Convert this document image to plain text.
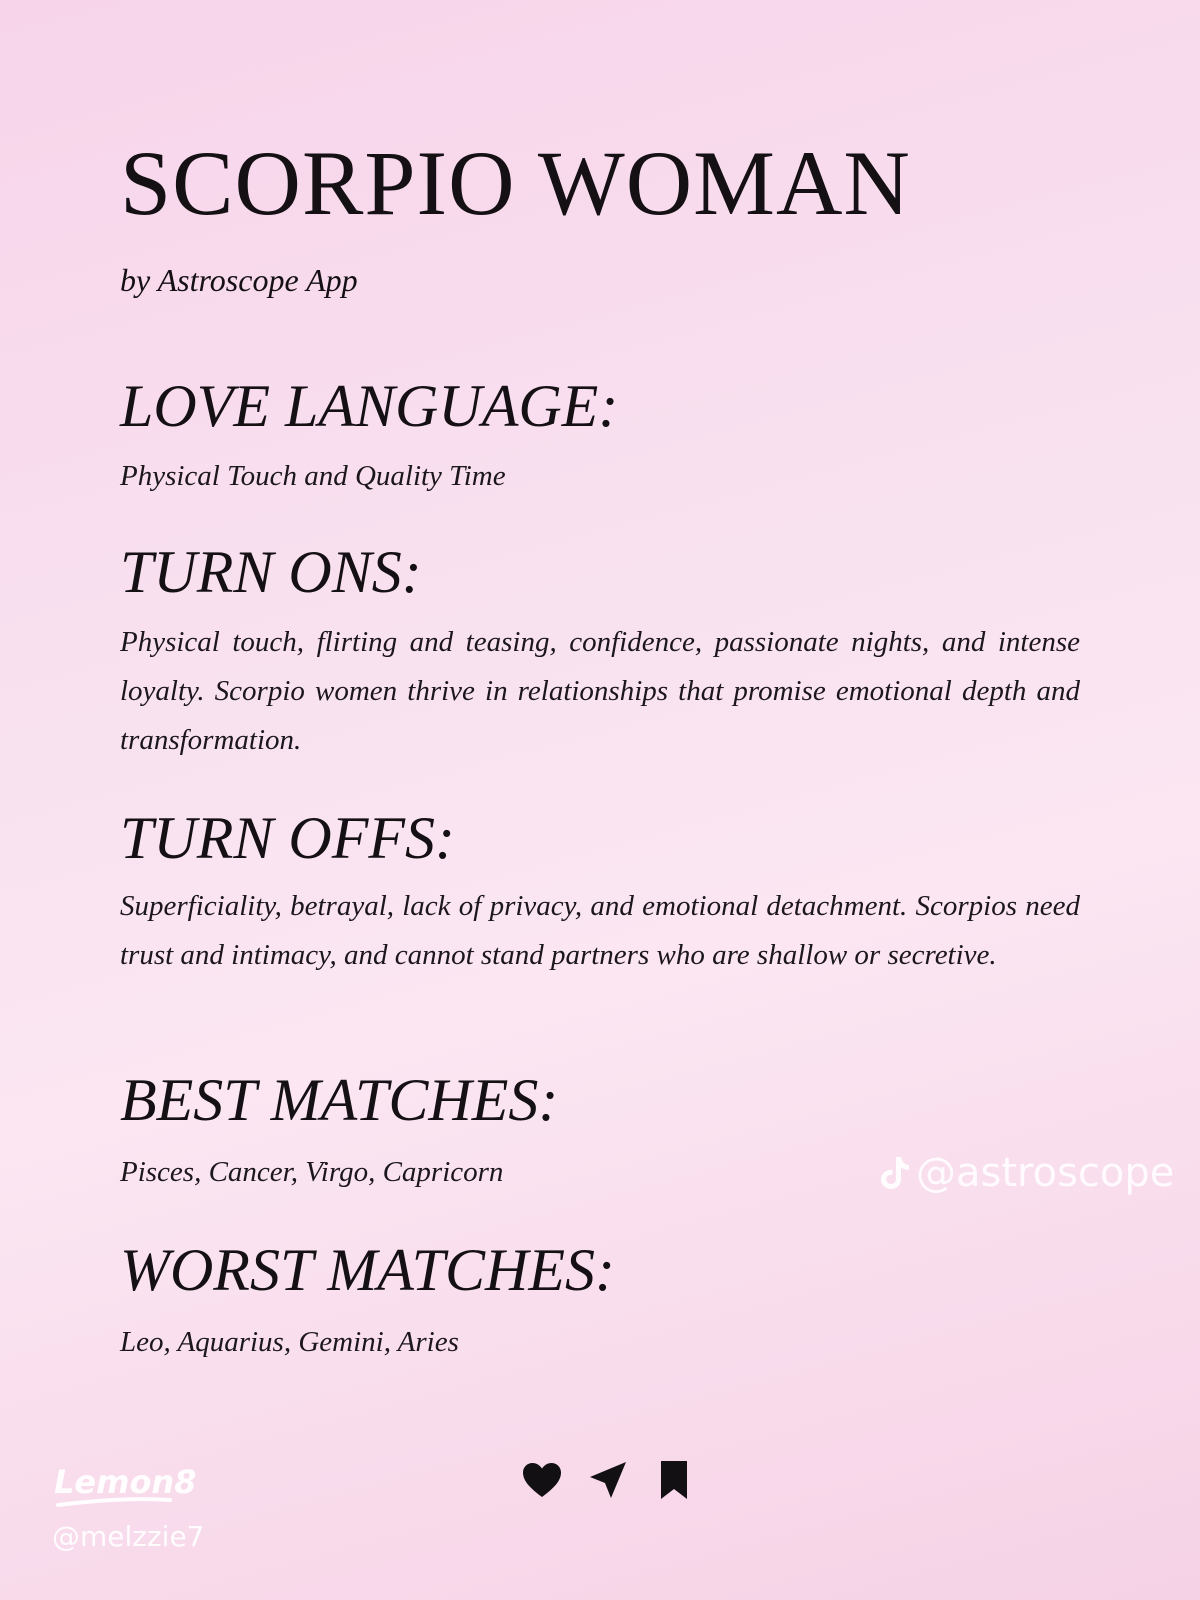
SCORPIO WOMAN

by Astroscope App

LOVE LANGUAGE:

Physical Touch and Quality Time

TURN ONS:

Physical touch, flirting and teasing, confidence, passionate nights, and intense loyalty. Scorpio women thrive in relationships that promise emotional depth and transformation.

TURN OFFS:

Superficiality, betrayal, lack of privacy, and emotional detachment. Scorpios need trust and intimacy, and cannot stand partners who are shallow or secretive.

BEST MATCHES:

Pisces, Cancer, Virgo, Capricorn

WORST MATCHES:

Leo, Aquarius, Gemini, Aries

@astroscope
Lemon8
@melzzie7
